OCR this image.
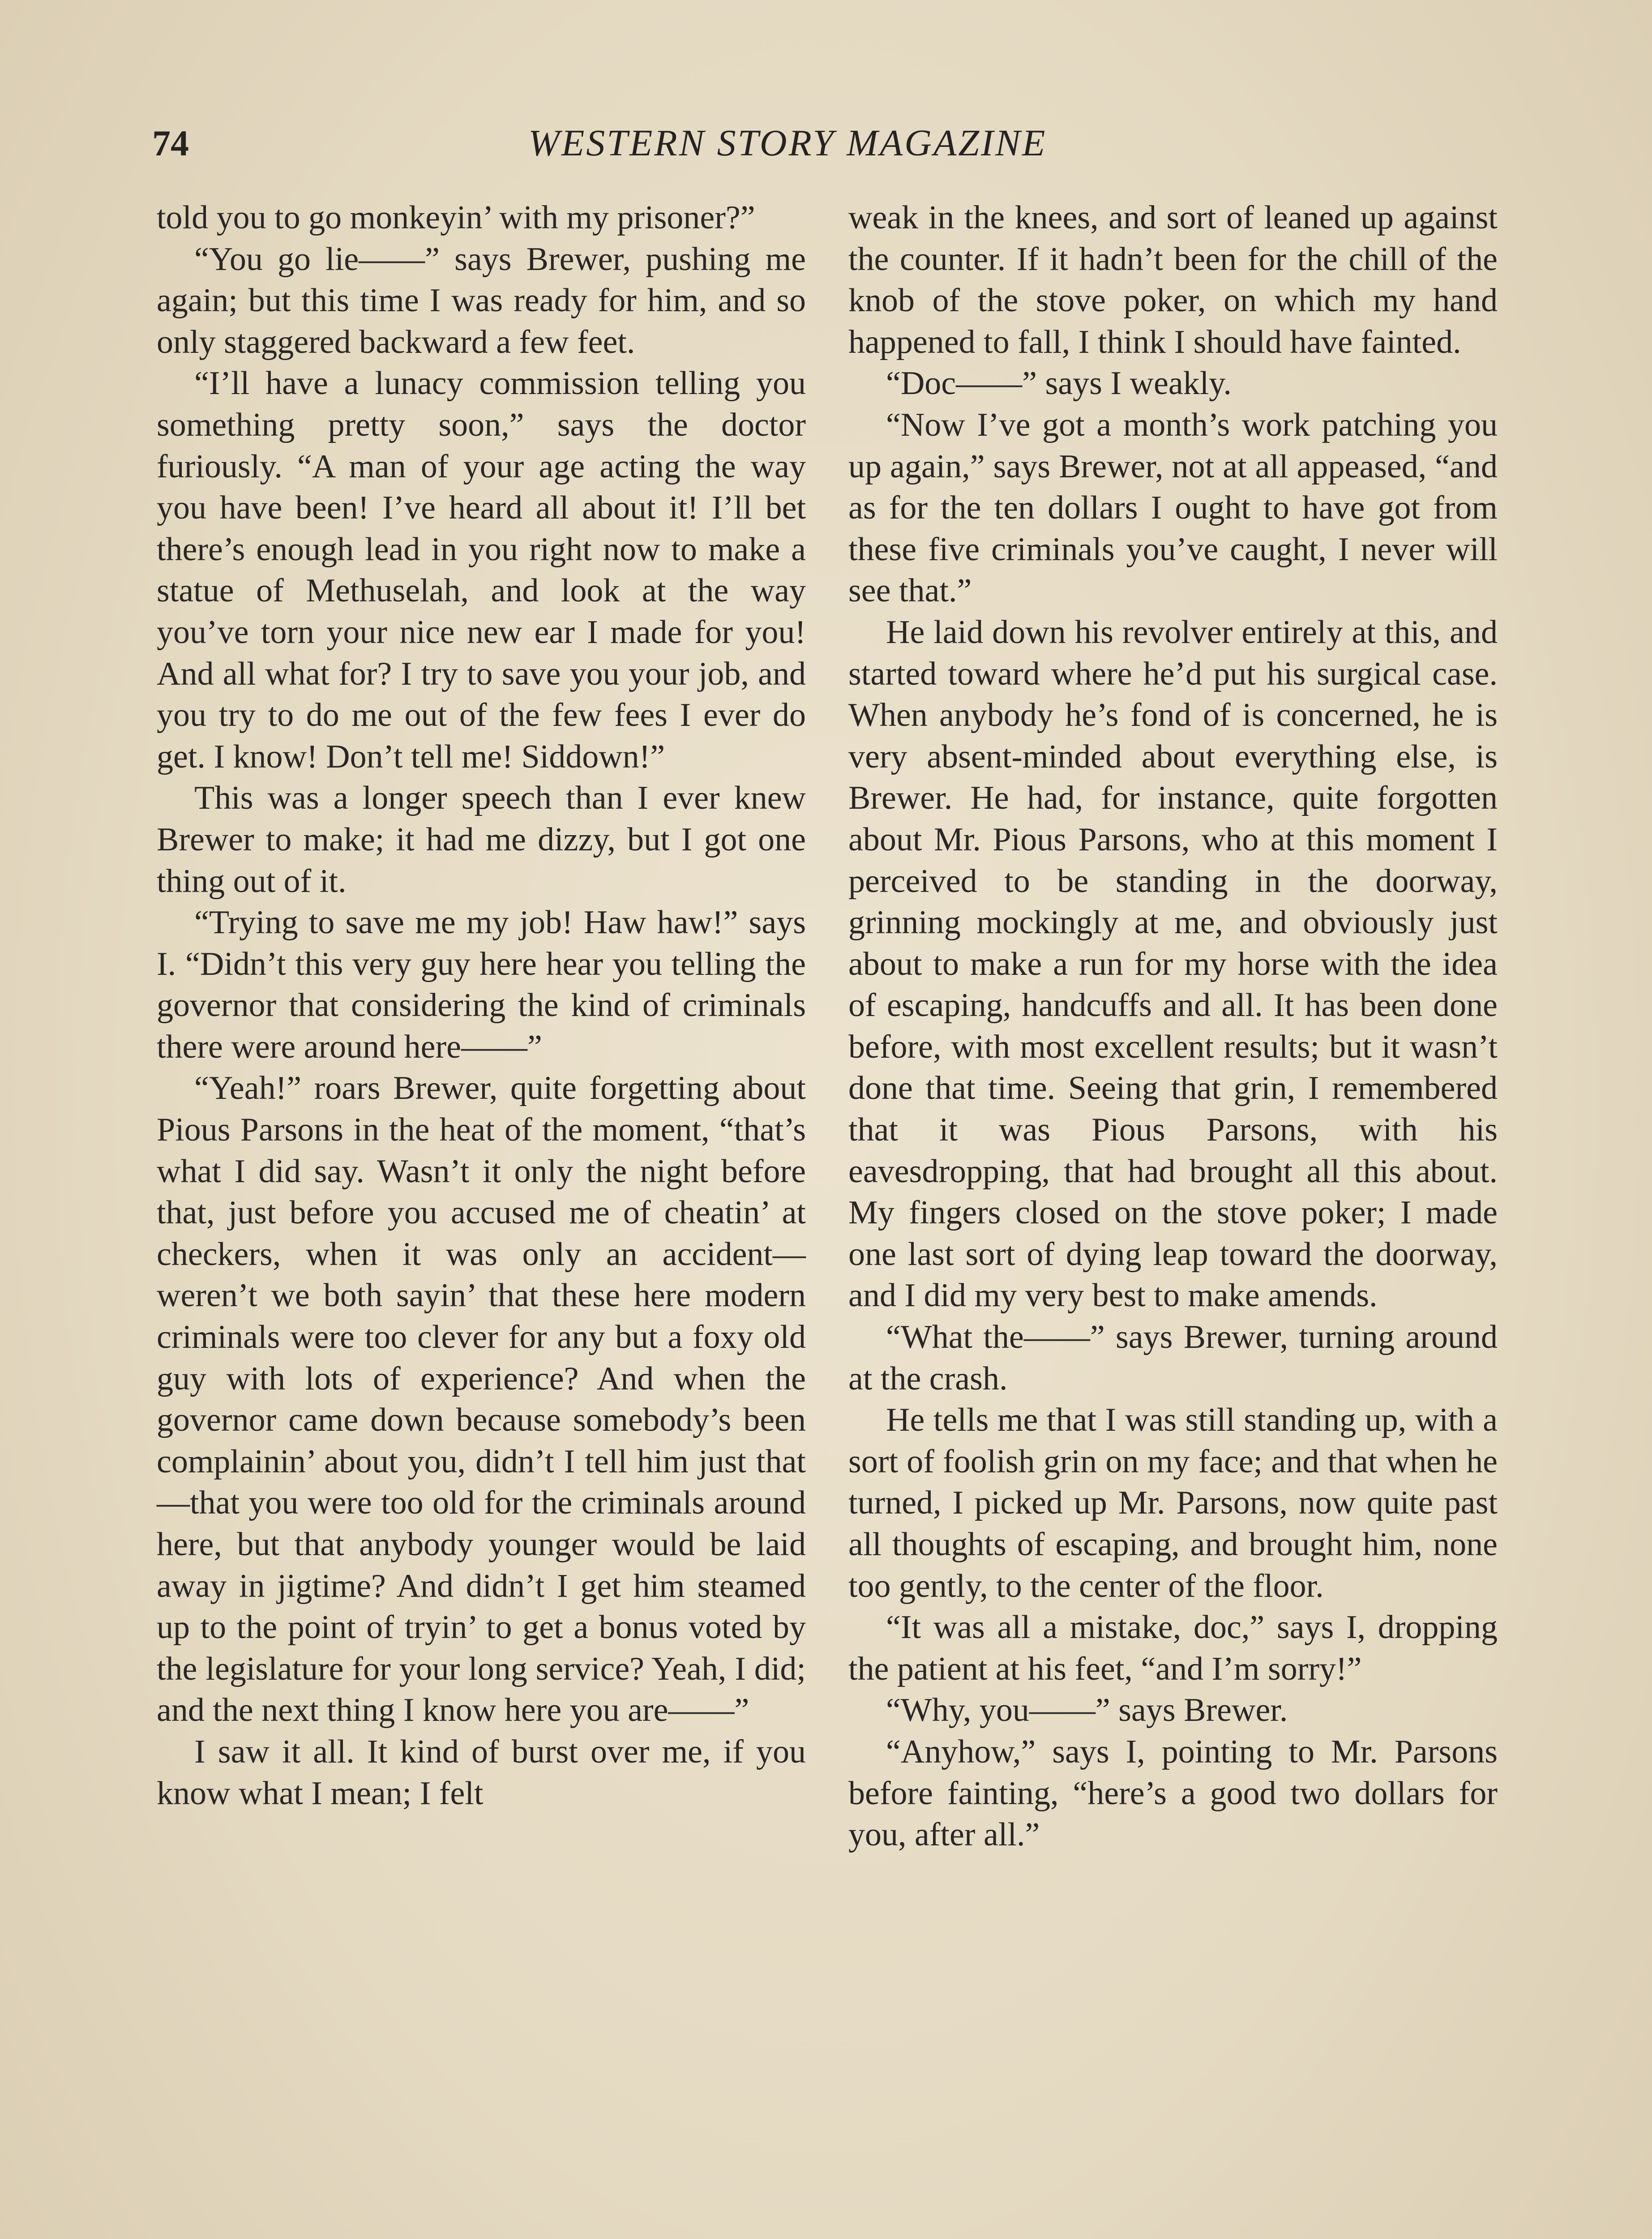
74	WESTERN STORY MAGAZINE

told you to go monkeyin’ with my prisoner?”

“You go lie——” says Brewer, pushing me again; but this time I was ready for him, and so only staggered backward a few feet.

“I’ll have a lunacy commission telling you something pretty soon,” says the doctor furiously. “A man of your age acting the way you have been! I’ve heard all about it! I’ll bet there’s enough lead in you right now to make a statue of Methuselah, and look at the way you’ve torn your nice new ear I made for you! And all what for? I try to save you your job, and you try to do me out of the few fees I ever do get. I know! Don’t tell me! Siddown!”

This was a longer speech than I ever knew Brewer to make; it had me dizzy, but I got one thing out of it.

“Trying to save me my job! Haw haw!” says I. “Didn’t this very guy here hear you telling the governor that considering the kind of criminals there were around here——”

“Yeah!” roars Brewer, quite forgetting about Pious Parsons in the heat of the moment, “that’s what I did say. Wasn’t it only the night before that, just before you accused me of cheatin’ at checkers, when it was only an accident—weren’t we both sayin’ that these here modern criminals were too clever for any but a foxy old guy with lots of experience? And when the governor came down because somebody’s been complainin’ about you, didn’t I tell him just that—that you were too old for the criminals around here, but that anybody younger would be laid away in jigtime? And didn’t I get him steamed up to the point of tryin’ to get a bonus voted by the legislature for your long service? Yeah, I did; and the next thing I know here you are——”

I saw it all. It kind of burst over me, if you know what I mean; I felt

weak in the knees, and sort of leaned up against the counter. If it hadn’t been for the chill of the knob of the stove poker, on which my hand happened to fall, I think I should have fainted.

“Doc——” says I weakly.

“Now I’ve got a month’s work patching you up again,” says Brewer, not at all appeased, “and as for the ten dollars I ought to have got from these five criminals you’ve caught, I never will see that.”

He laid down his revolver entirely at this, and started toward where he’d put his surgical case. When anybody he’s fond of is concerned, he is very absent-minded about everything else, is Brewer. He had, for instance, quite forgotten about Mr. Pious Parsons, who at this moment I perceived to be standing in the doorway, grinning mockingly at me, and obviously just about to make a run for my horse with the idea of escaping, handcuffs and all. It has been done before, with most excellent results; but it wasn’t done that time. Seeing that grin, I remembered that it was Pious Parsons, with his eavesdropping, that had brought all this about. My fingers closed on the stove poker; I made one last sort of dying leap toward the doorway, and I did my very best to make amends.

“What the——” says Brewer, turning around at the crash.

He tells me that I was still standing up, with a sort of foolish grin on my face; and that when he turned, I picked up Mr. Parsons, now quite past all thoughts of escaping, and brought him, none too gently, to the center of the floor.

“It was all a mistake, doc,” says I, dropping the patient at his feet, “and I’m sorry!”

“Why, you——” says Brewer.

“Anyhow,” says I, pointing to Mr. Parsons before fainting, “here’s a good two dollars for you, after all.”
